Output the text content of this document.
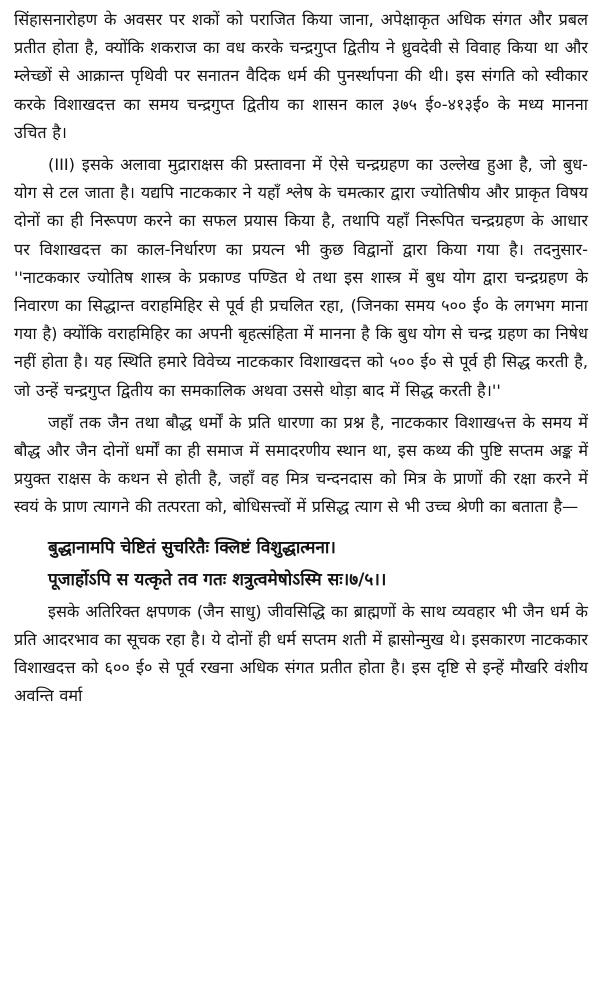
सिंहासनारोहण के अवसर पर शकों को पराजित किया जाना, अपेक्षाकृत अधिक संगत और प्रबल प्रतीत होता है, क्योंकि शकराज का वध करके चन्द्रगुप्त द्वितीय ने ध्रुवदेवी से विवाह किया था और म्लेच्छों से आक्रान्त पृथिवी पर सनातन वैदिक धर्म की पुनर्स्थापना की थी। इस संगति को स्वीकार करके विशाखदत्त का समय चन्द्रगुप्त द्वितीय का शासन काल ३७५ ई०-४१३ई० के मध्य मानना उचित है।

(III) इसके अलावा मुद्राराक्षस की प्रस्तावना में ऐसे चन्द्रग्रहण का उल्लेख हुआ है, जो बुध-योग से टल जाता है। यद्यपि नाटककार ने यहाँ श्लेष के चमत्कार द्वारा ज्योतिषीय और प्राकृत विषय दोनों का ही निरूपण करने का सफल प्रयास किया है, तथापि यहाँ निरूपित चन्द्रग्रहण के आधार पर विशाखदत्त का काल-निर्धारण का प्रयत्न भी कुछ विद्वानों द्वारा किया गया है। तदनुसार-''नाटककार ज्योतिष शास्त्र के प्रकाण्ड पण्डित थे तथा इस शास्त्र में बुध योग द्वारा चन्द्रग्रहण के निवारण का सिद्धान्त वराहमिहिर से पूर्व ही प्रचलित रहा, (जिनका समय ५०० ई० के लगभग माना गया है) क्योंकि वराहमिहिर का अपनी बृहत्संहिता में मानना है कि बुध योग से चन्द्र ग्रहण का निषेध नहीं होता है। यह स्थिति हमारे विवेच्य नाटककार विशाखदत्त को ५०० ई० से पूर्व ही सिद्ध करती है, जो उन्हें चन्द्रगुप्त द्वितीय का समकालिक अथवा उससे थोड़ा बाद में सिद्ध करती है।''

जहाँ तक जैन तथा बौद्ध धर्मों के प्रति धारणा का प्रश्न है, नाटककार विशाख५त्त के समय में बौद्ध और जैन दोनों धर्मों का ही समाज में समादरणीय स्थान था, इस कथ्य की पुष्टि सप्तम अङ्क में प्रयुक्त राक्षस के कथन से होती है, जहाँ वह मित्र चन्दनदास को मित्र के प्राणों की रक्षा करने में स्वयं के प्राण त्यागने की तत्परता को, बोधिसत्त्वों में प्रसिद्ध त्याग से भी उच्च श्रेणी का बताता है—

बुद्धानामपि चेष्टितं सुचरितैः क्लिष्टं विशुद्धात्मना।
पूजार्होऽपि स यत्कृते तव गतः शत्रुत्वमेषोऽस्मि सः।७/५।।

इसके अतिरिक्त क्षपणक (जैन साधु) जीवसिद्धि का ब्राह्मणों के साथ व्यवहार भी जैन धर्म के प्रति आदरभाव का सूचक रहा है। ये दोनों ही धर्म सप्तम शती में ह्रासोन्मुख थे। इसकारण नाटककार विशाखदत्त को ६०० ई० से पूर्व रखना अधिक संगत प्रतीत होता है। इस दृष्टि से इन्हें मौखरि वंशीय अवन्ति वर्मा
